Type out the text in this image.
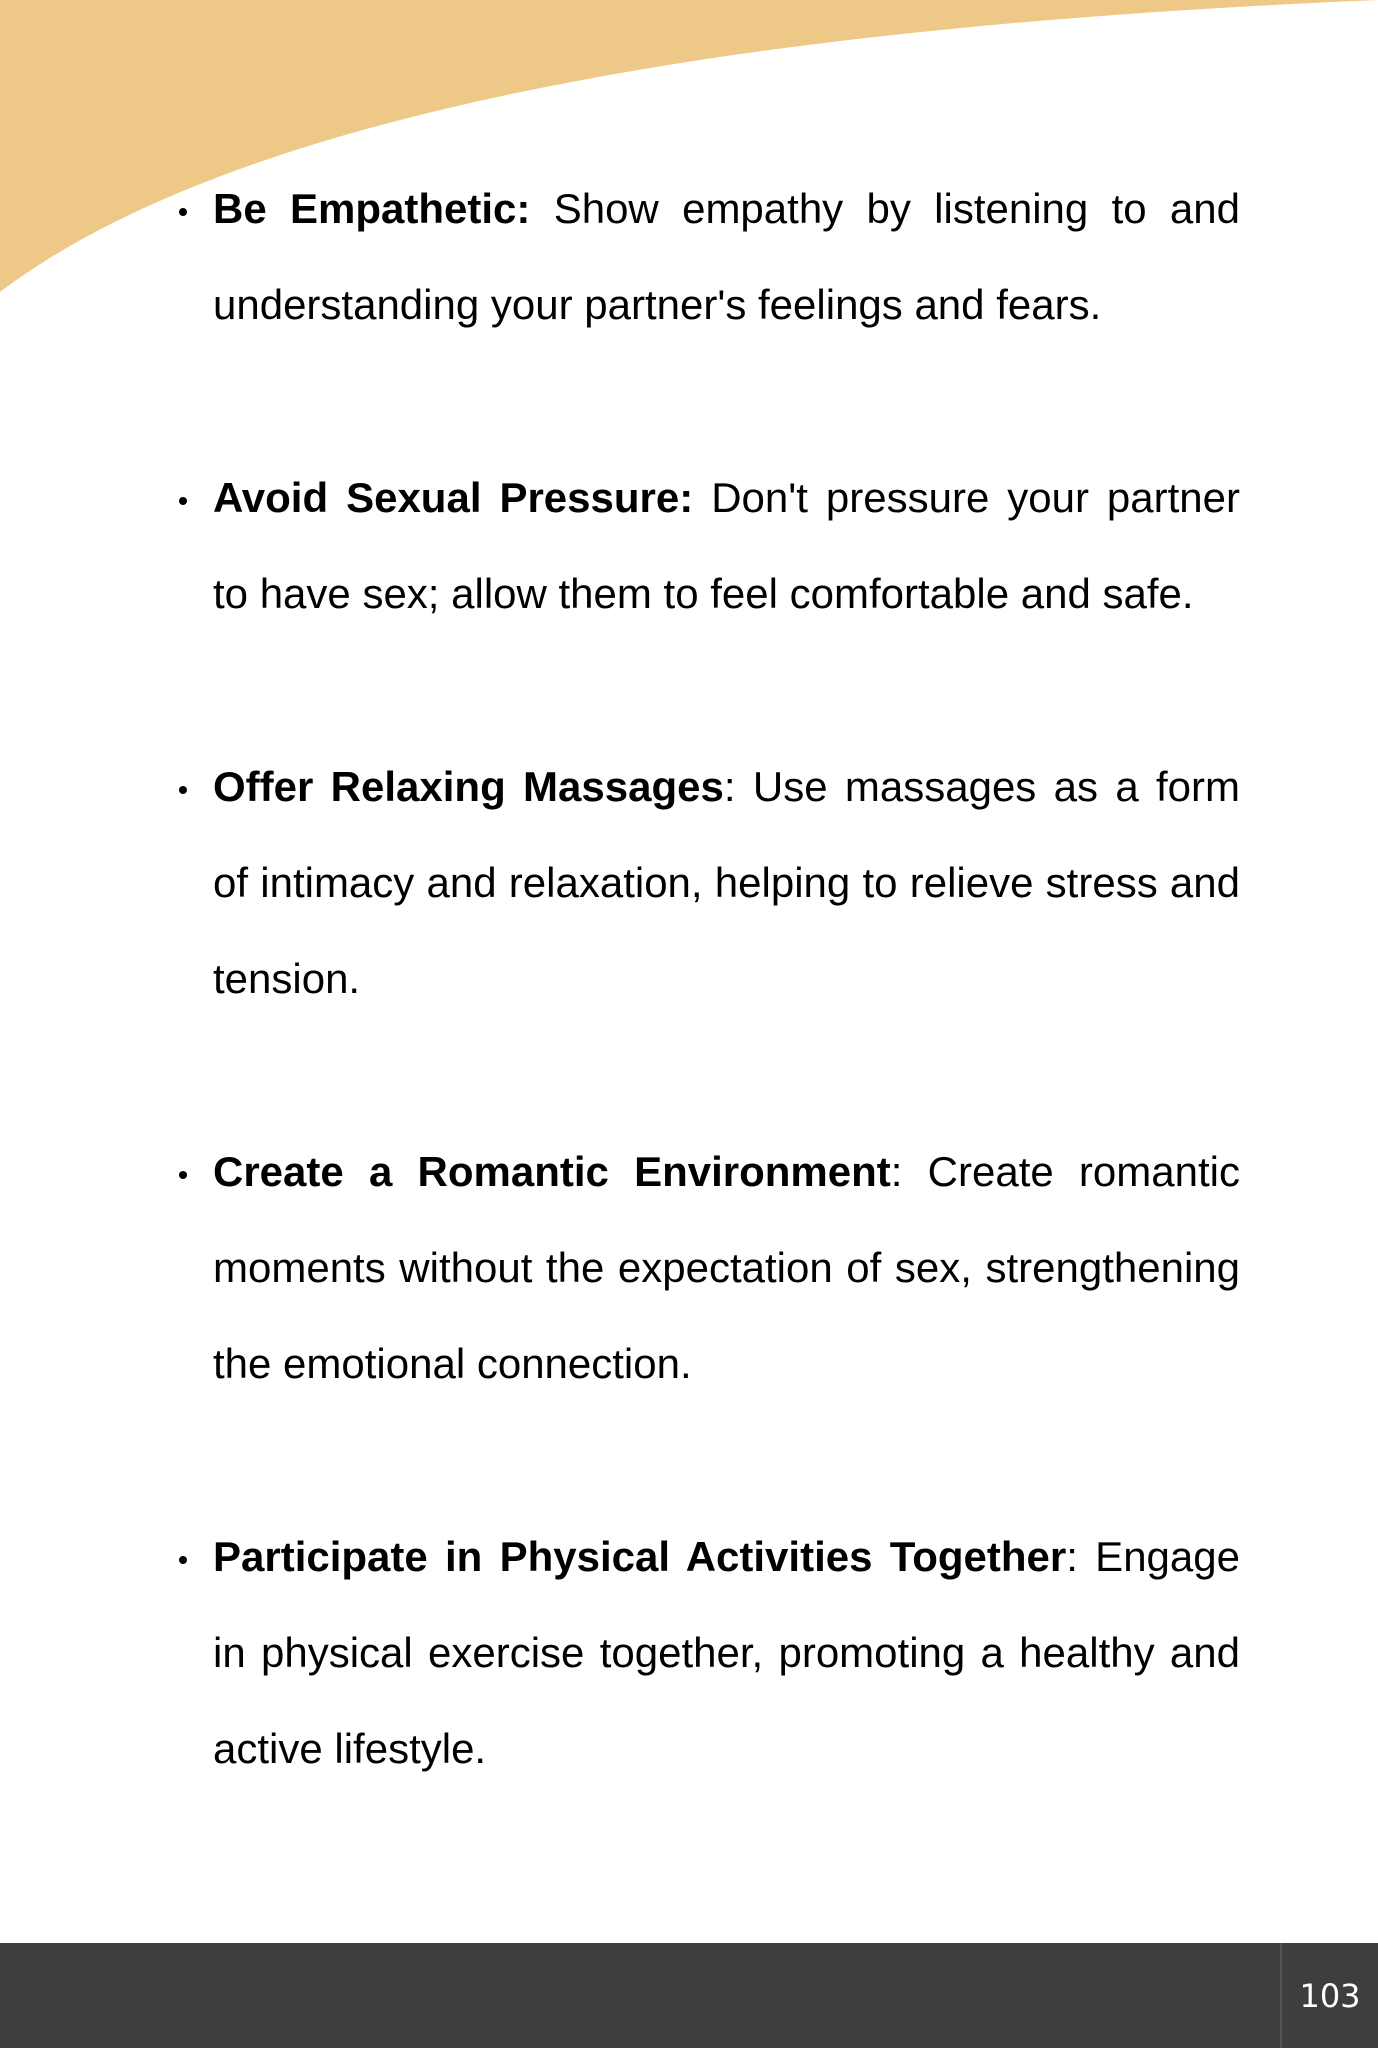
Be Empathetic: Show empathy by listening to and understanding your partner's feelings and fears.
Avoid Sexual Pressure: Don't pressure your partner to have sex; allow them to feel comfortable and safe.
Offer Relaxing Massages: Use massages as a form of intimacy and relaxation, helping to relieve stress and tension.
Create a Romantic Environment: Create romantic moments without the expectation of sex, strengthening the emotional connection.
Participate in Physical Activities Together: Engage in physical exercise together, promoting a healthy and active lifestyle.
103
